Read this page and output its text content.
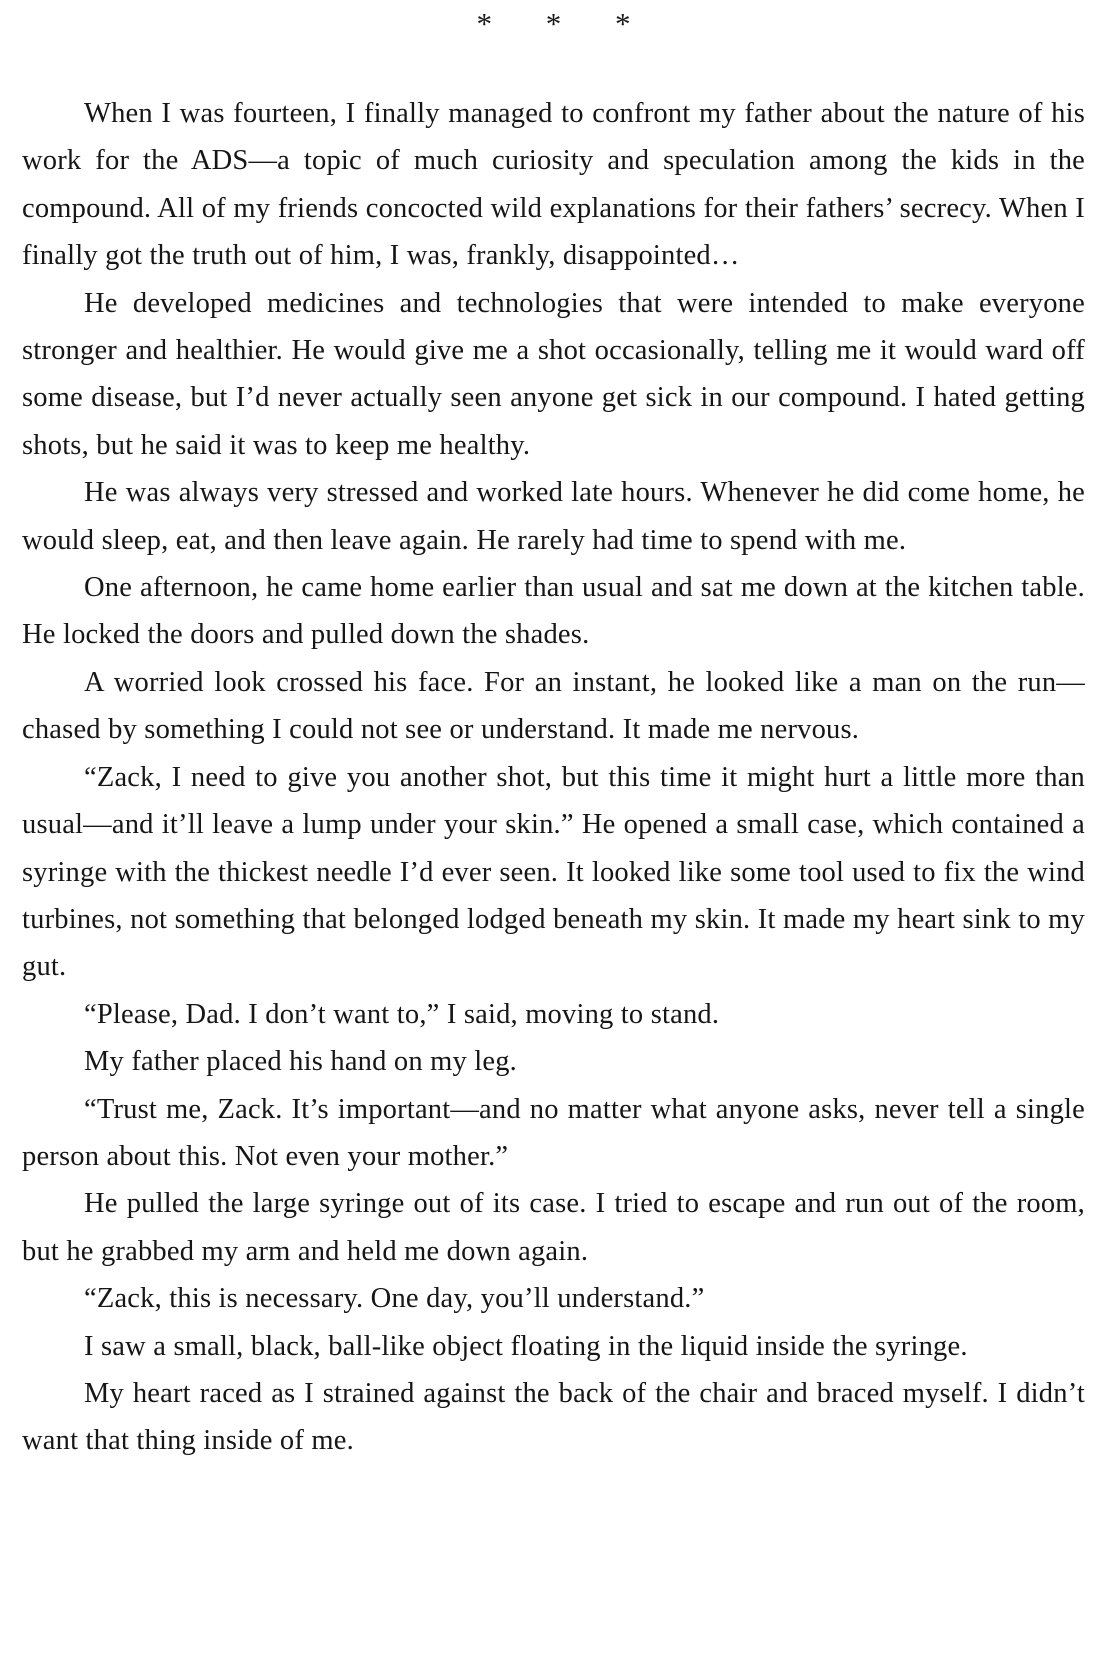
* * *

When I was fourteen, I finally managed to confront my father about the nature of his work for the ADS—a topic of much curiosity and speculation among the kids in the compound. All of my friends concocted wild explanations for their fathers’ secrecy. When I finally got the truth out of him, I was, frankly, disappointed…

He developed medicines and technologies that were intended to make everyone stronger and healthier. He would give me a shot occasionally, telling me it would ward off some disease, but I’d never actually seen anyone get sick in our compound. I hated getting shots, but he said it was to keep me healthy.

He was always very stressed and worked late hours. Whenever he did come home, he would sleep, eat, and then leave again. He rarely had time to spend with me.

One afternoon, he came home earlier than usual and sat me down at the kitchen table. He locked the doors and pulled down the shades.

A worried look crossed his face. For an instant, he looked like a man on the run—chased by something I could not see or understand. It made me nervous.

“Zack, I need to give you another shot, but this time it might hurt a little more than usual—and it’ll leave a lump under your skin.” He opened a small case, which contained a syringe with the thickest needle I’d ever seen. It looked like some tool used to fix the wind turbines, not something that belonged lodged beneath my skin. It made my heart sink to my gut.

“Please, Dad. I don’t want to,” I said, moving to stand.

My father placed his hand on my leg.

“Trust me, Zack. It’s important—and no matter what anyone asks, never tell a single person about this. Not even your mother.”

He pulled the large syringe out of its case. I tried to escape and run out of the room, but he grabbed my arm and held me down again.

“Zack, this is necessary. One day, you’ll understand.”

I saw a small, black, ball-like object floating in the liquid inside the syringe.

My heart raced as I strained against the back of the chair and braced myself. I didn’t want that thing inside of me.
